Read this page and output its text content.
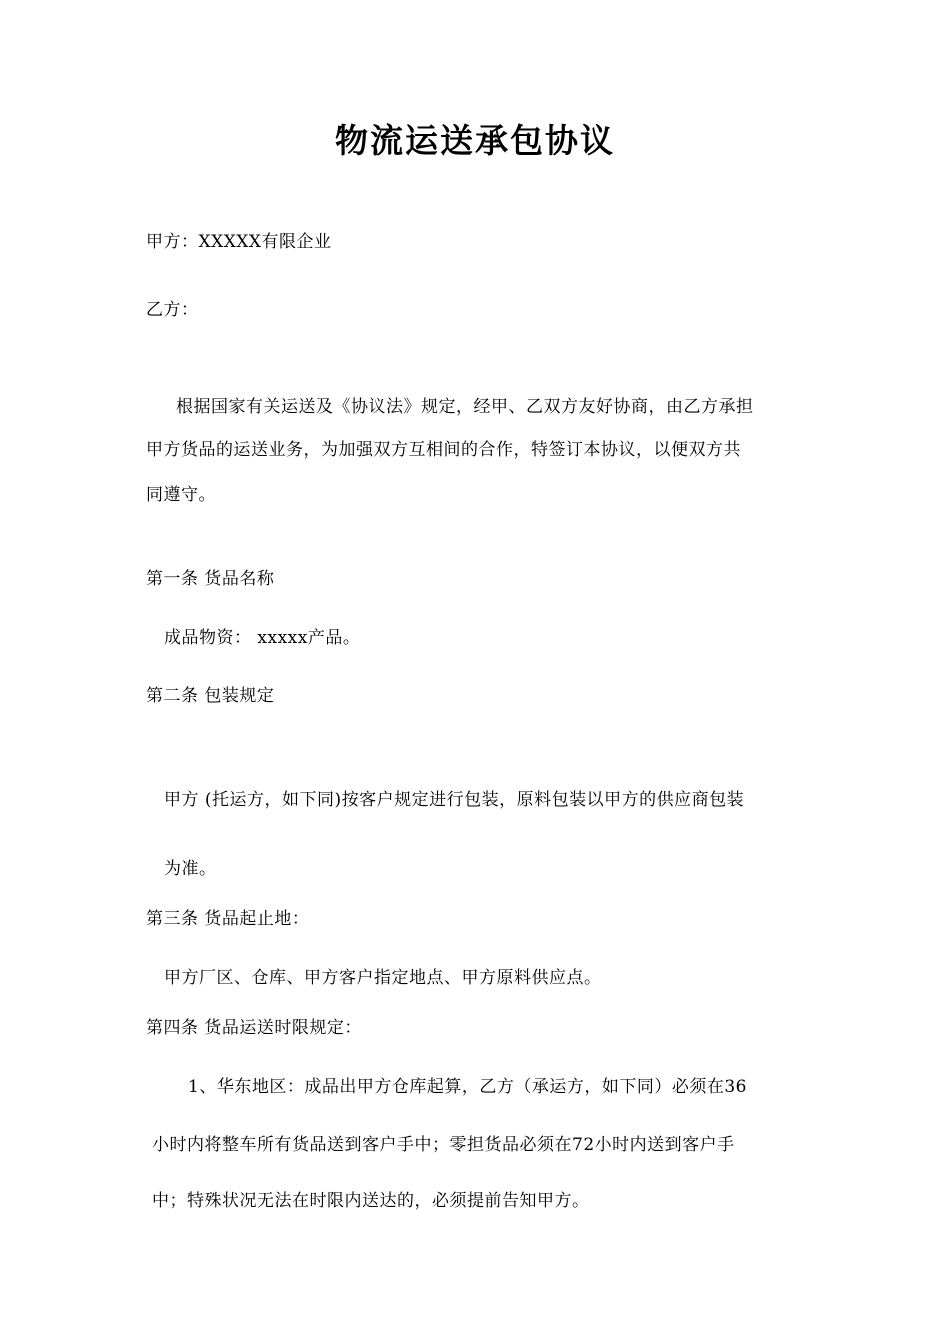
物流运送承包协议
甲方：XXXXX有限企业
乙方：
根据国家有关运送及《协议法》规定，经甲、乙双方友好协商，由乙方承担
甲方货品的运送业务，为加强双方互相间的合作，特签订本协议，以便双方共
同遵守。
第一条 货品名称
成品物资： xxxxx产品。
第二条 包装规定
甲方 (托运方，如下同)按客户规定进行包装，原料包装以甲方的供应商包装
为准。
第三条 货品起止地：
甲方厂区、仓库、甲方客户指定地点、甲方原料供应点。
第四条 货品运送时限规定：
1、华东地区：成品出甲方仓库起算，乙方（承运方，如下同）必须在36
小时内将整车所有货品送到客户手中；零担货品必须在72小时内送到客户手
中；特殊状况无法在时限内送达的，必须提前告知甲方。
